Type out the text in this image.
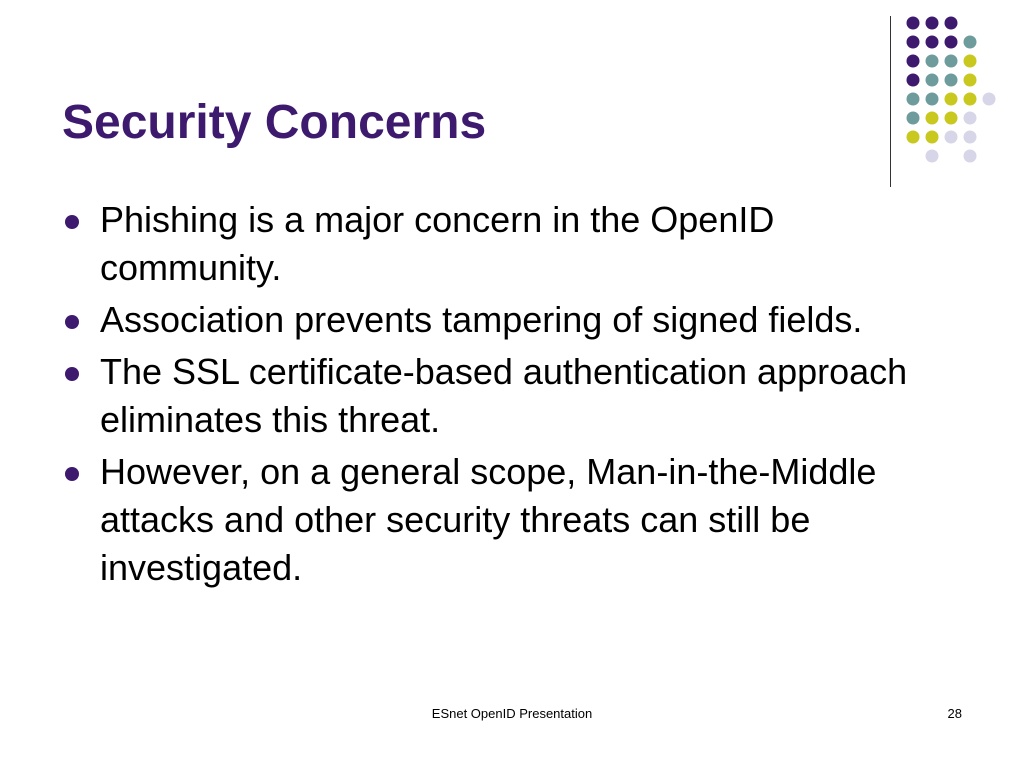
Security Concerns
Phishing is a major concern in the OpenID community.
Association prevents tampering of signed fields.
The SSL certificate-based authentication approach eliminates this threat.
However, on a general scope, Man-in-the-Middle attacks and other security threats can still be investigated.
ESnet OpenID Presentation	28
